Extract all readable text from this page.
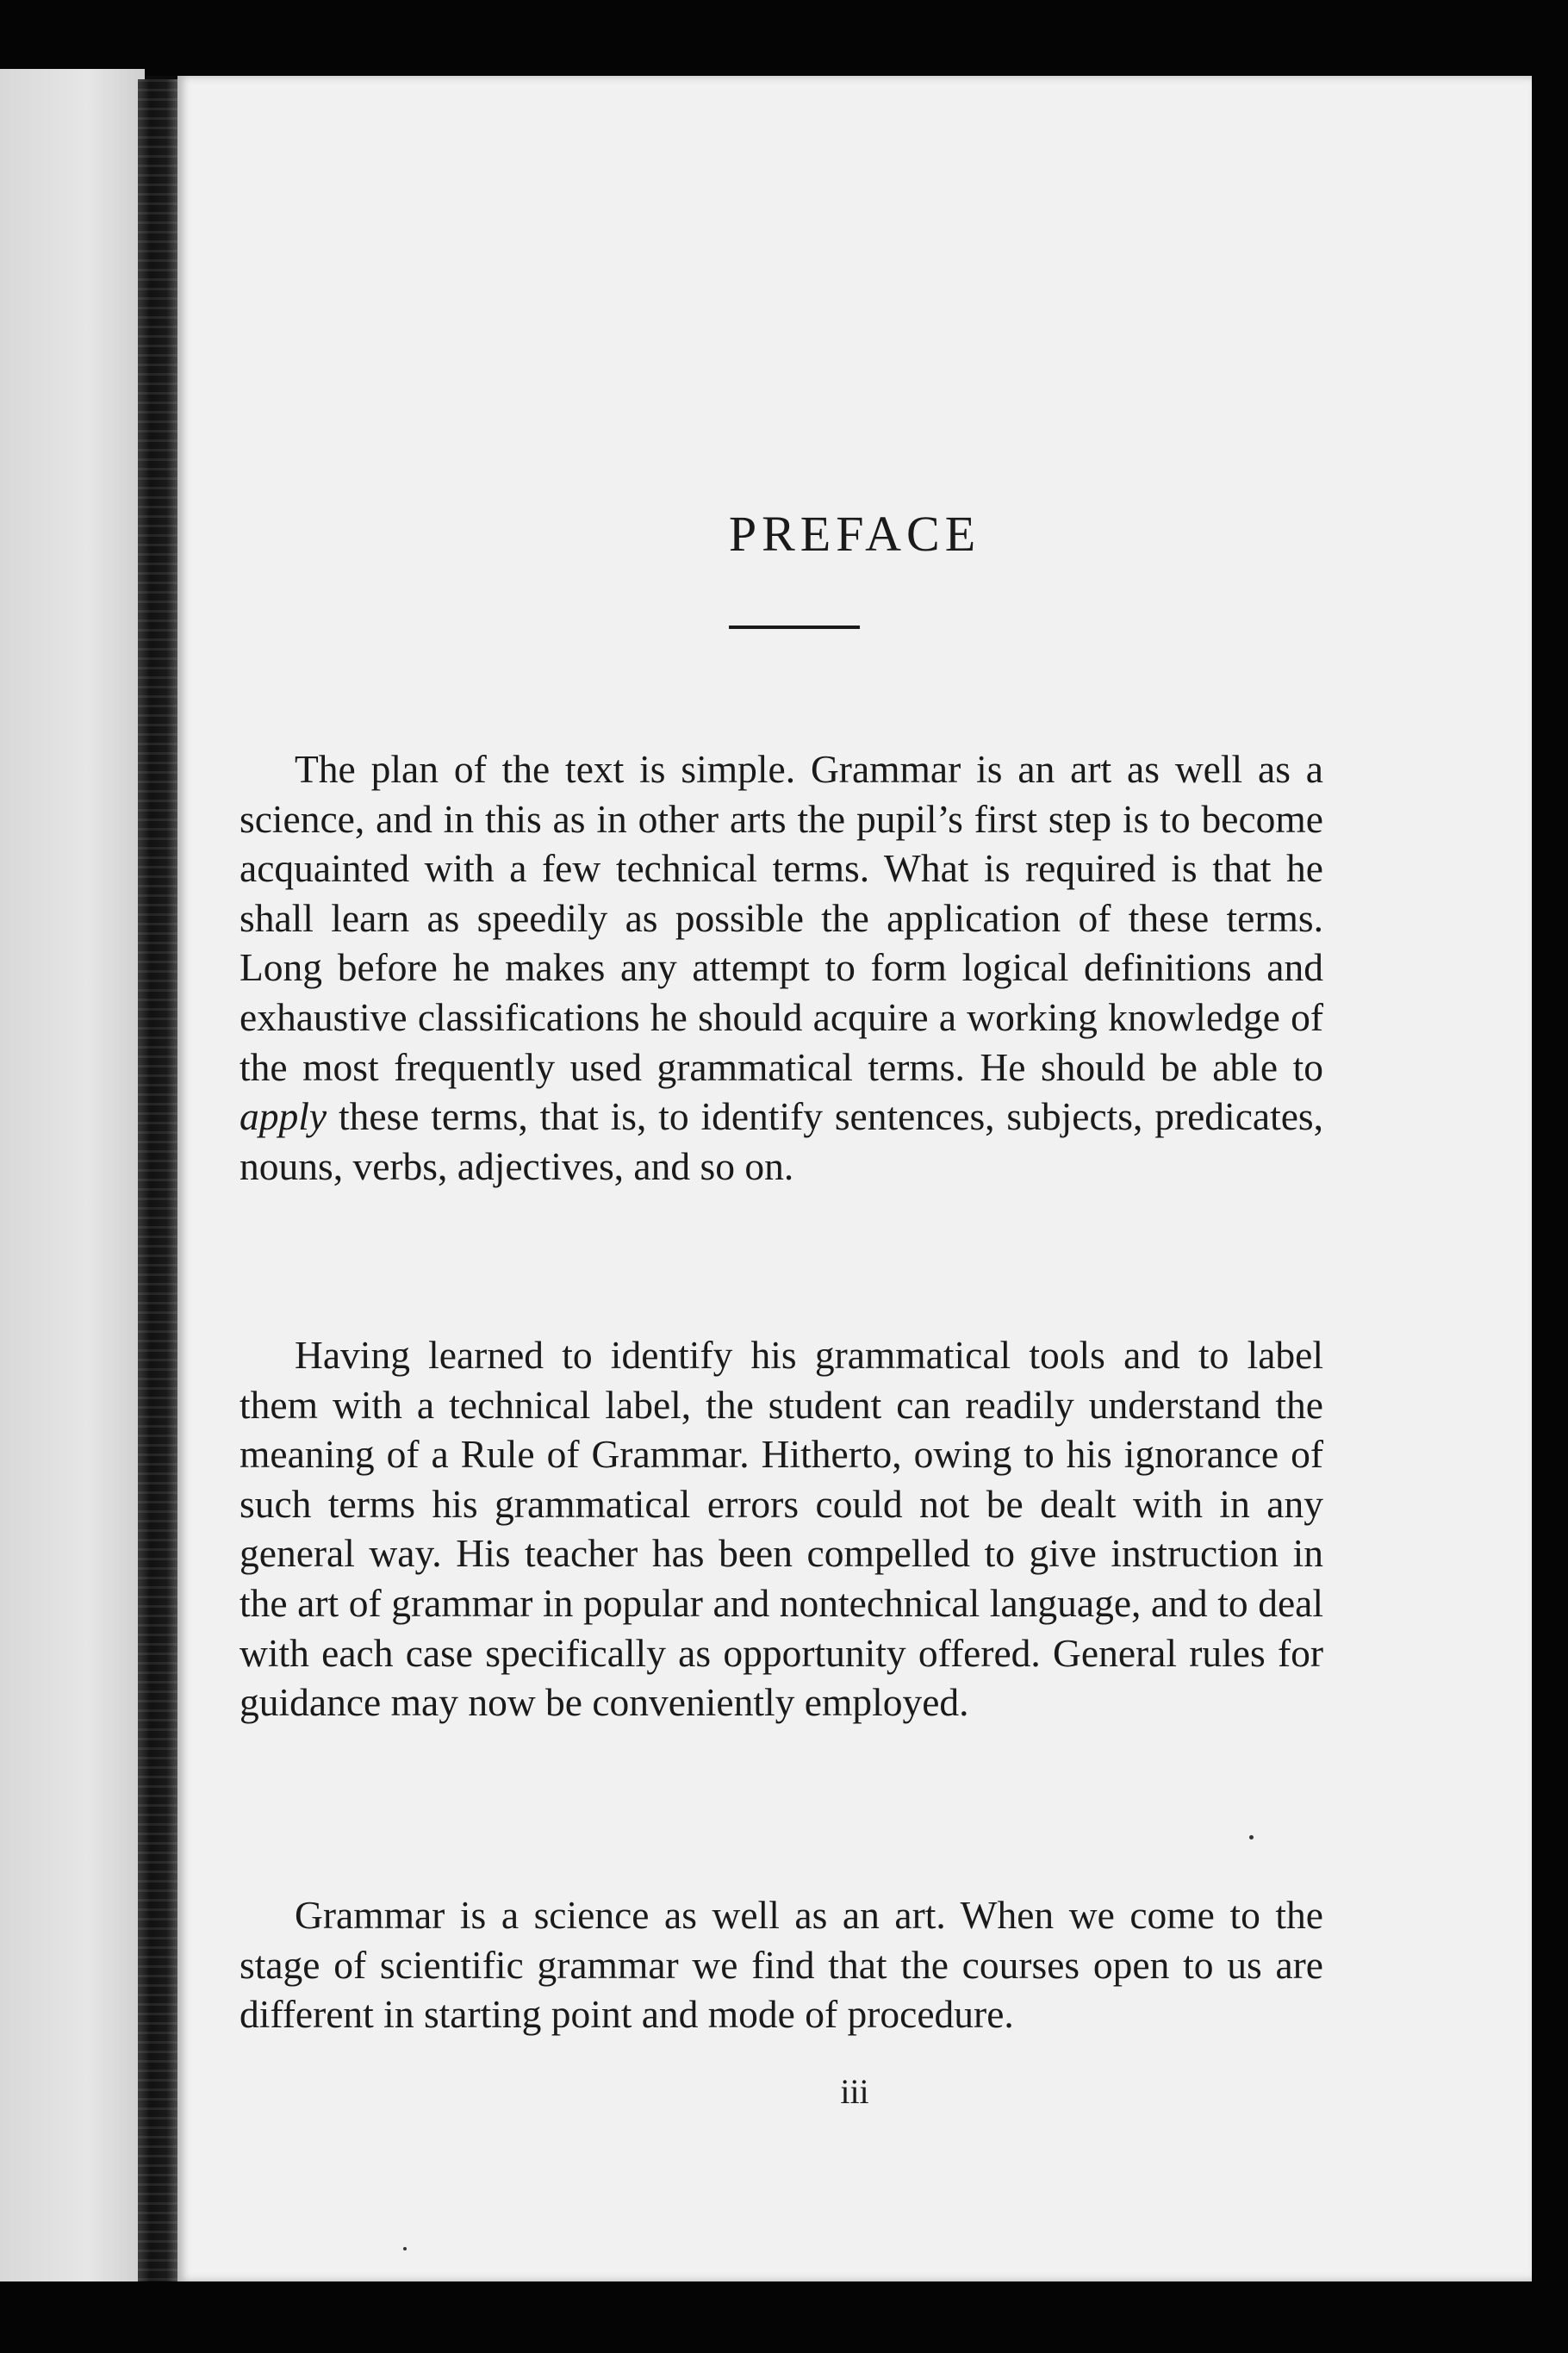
PREFACE

The plan of the text is simple. Grammar is an art as well as a science, and in this as in other arts the pupil’s first step is to become acquainted with a few technical terms. What is required is that he shall learn as speedily as possible the application of these terms. Long before he makes any attempt to form logical definitions and exhaustive classifications he should acquire a working knowledge of the most frequently used grammatical terms. He should be able to apply these terms, that is, to identify sentences, subjects, predicates, nouns, verbs, adjectives, and so on.

Having learned to identify his grammatical tools and to label them with a technical label, the student can readily understand the meaning of a Rule of Grammar. Hitherto, owing to his ignorance of such terms his grammatical errors could not be dealt with in any general way. His teacher has been compelled to give instruction in the art of grammar in popular and nontechnical language, and to deal with each case specifically as opportunity offered. General rules for guidance may now be conveniently employed.

Grammar is a science as well as an art. When we come to the stage of scientific grammar we find that the courses open to us are different in starting point and mode of procedure.

iii
